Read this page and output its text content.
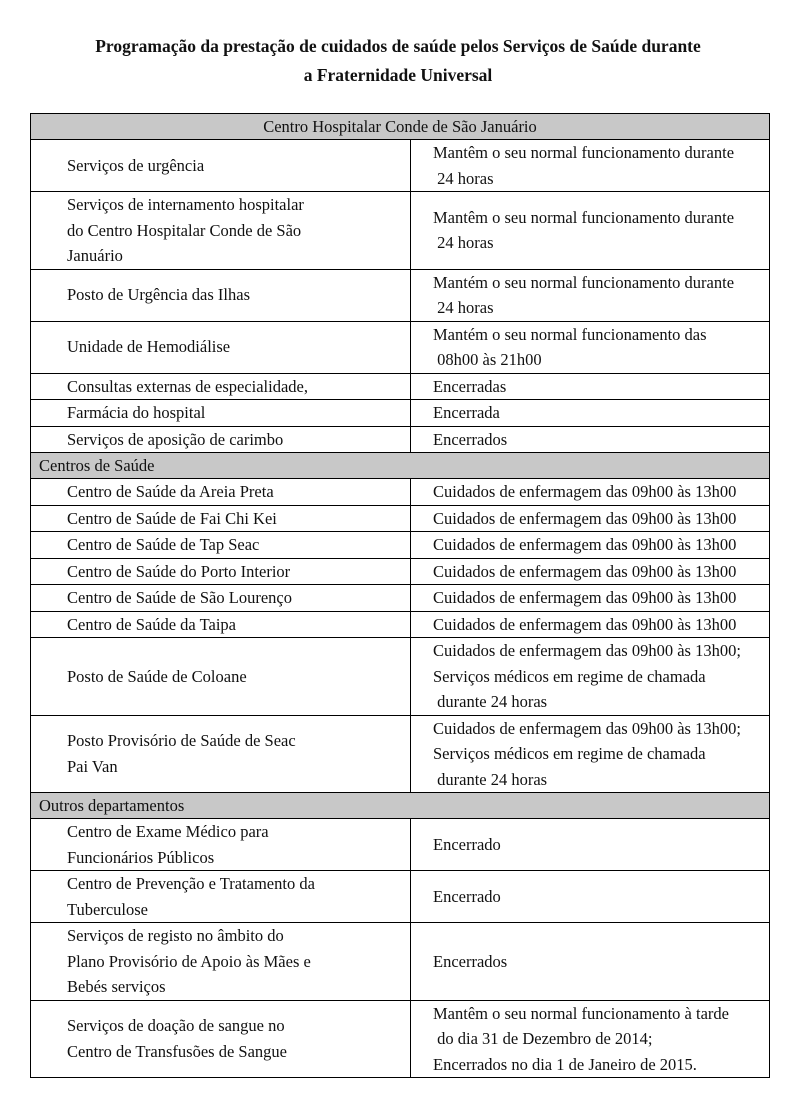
Programação da prestação de cuidados de saúde pelos Serviços de Saúde durante
a Fraternidade Universal
Centro Hospitalar Conde de São Januário	

Serviços de urgência	Mantêm o seu normal funcionamento durante
24 horas

Serviços de internamento hospitalar
do Centro Hospitalar Conde de São
Januário	Mantêm o seu normal funcionamento durante
24 horas

Posto de Urgência das Ilhas	Mantém o seu normal funcionamento durante
24 horas

Unidade de Hemodiálise	Mantém o seu normal funcionamento das
08h00 às 21h00

Consultas externas de especialidade,	Encerradas

Farmácia do hospital	Encerrada

Serviços de aposição de carimbo	Encerrados

Centros de Saúde	

Centro de Saúde da Areia Preta	Cuidados de enfermagem das 09h00 às 13h00

Centro de Saúde de Fai Chi Kei	Cuidados de enfermagem das 09h00 às 13h00

Centro de Saúde de Tap Seac	Cuidados de enfermagem das 09h00 às 13h00

Centro de Saúde do Porto Interior	Cuidados de enfermagem das 09h00 às 13h00

Centro de Saúde de São Lourenço	Cuidados de enfermagem das 09h00 às 13h00

Centro de Saúde da Taipa	Cuidados de enfermagem das 09h00 às 13h00

Posto de Saúde de Coloane	Cuidados de enfermagem das 09h00 às 13h00;
Serviços médicos em regime de chamada
durante 24 horas

Posto Provisório de Saúde de Seac
Pai Van	Cuidados de enfermagem das 09h00 às 13h00;
Serviços médicos em regime de chamada
durante 24 horas

Outros departamentos	

Centro de Exame Médico para
Funcionários Públicos	Encerrado

Centro de Prevenção e Tratamento da
Tuberculose	Encerrado

Serviços de registo no âmbito do
Plano Provisório de Apoio às Mães e
Bebés serviços	Encerrados

Serviços de doação de sangue no
Centro de Transfusões de Sangue	Mantêm o seu normal funcionamento à tarde
do dia 31 de Dezembro de 2014;
Encerrados no dia 1 de Janeiro de 2015.
